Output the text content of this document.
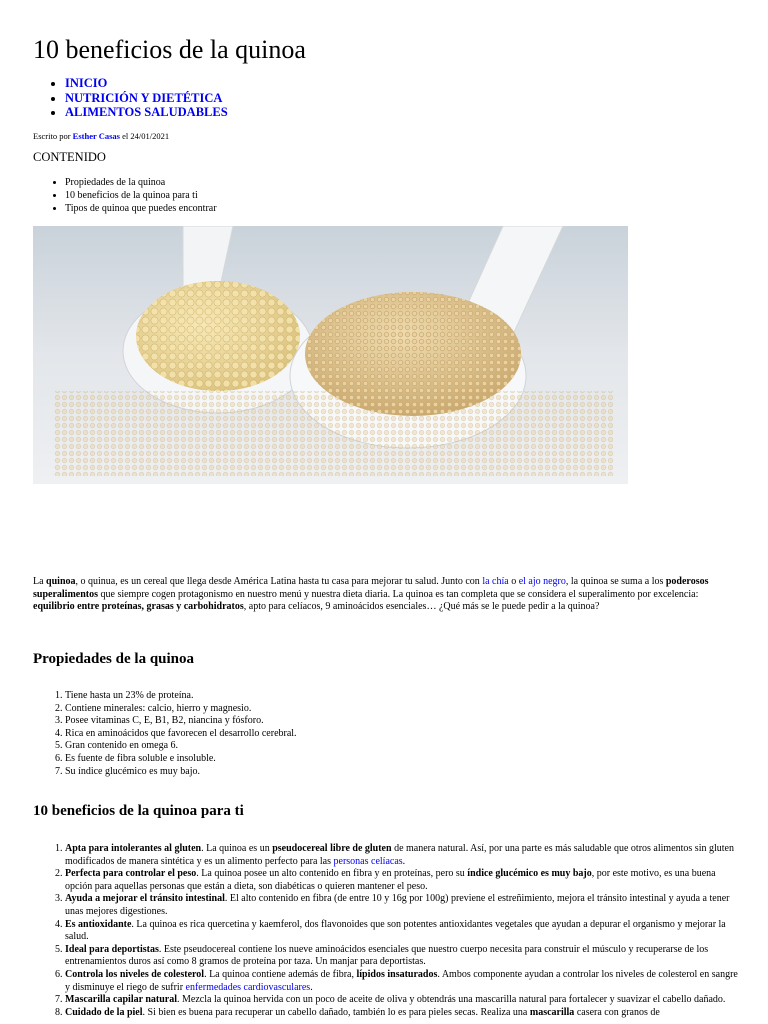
10 beneficios de la quinoa
• INICIO
• NUTRICIÓN Y DIETÉTICA
• ALIMENTOS SALUDABLES
Escrito por Esther Casas el 24/01/2021
CONTENIDO
• Propiedades de la quinoa
• 10 beneficios de la quinoa para ti
• Tipos de quinoa que puedes encontrar

La quinoa, o quinua, es un cereal que llega desde América Latina hasta tu casa para mejorar tu salud. Junto con la chía o el ajo negro, la quinoa se suma a los poderosos superalimentos que siempre cogen protagonismo en nuestro menú y nuestra dieta diaria. La quinoa es tan completa que se considera el superalimento por excelencia: equilibrio entre proteínas, grasas y carbohidratos, apto para celíacos, 9 aminoácidos esenciales… ¿Qué más se le puede pedir a la quinoa?

Propiedades de la quinoa
1. Tiene hasta un 23% de proteína.
2. Contiene minerales: calcio, hierro y magnesio.
3. Posee vitaminas C, E, B1, B2, niancina y fósforo.
4. Rica en aminoácidos que favorecen el desarrollo cerebral.
5. Gran contenido en omega 6.
6. Es fuente de fibra soluble e insoluble.
7. Su índice glucémico es muy bajo.
10 beneficios de la quinoa para ti
1. Apta para intolerantes al gluten. La quinoa es un pseudocereal libre de gluten de manera natural. Así, por una parte es más saludable que otros alimentos sin gluten modificados de manera sintética y es un alimento perfecto para las personas celíacas.
2. Perfecta para controlar el peso. La quinoa posee un alto contenido en fibra y en proteínas, pero su índice glucémico es muy bajo, por este motivo, es una buena opción para aquellas personas que están a dieta, son diabéticas o quieren mantener el peso.
3. Ayuda a mejorar el tránsito intestinal. El alto contenido en fibra (de entre 10 y 16g por 100g) previene el estreñimiento, mejora el tránsito intestinal y ayuda a tener unas mejores digestiones.
4. Es antioxidante. La quinoa es rica quercetina y kaemferol, dos flavonoides que son potentes antioxidantes vegetales que ayudan a depurar el organismo y mejorar la salud.
5. Ideal para deportistas. Este pseudocereal contiene los nueve aminoácidos esenciales que nuestro cuerpo necesita para construir el músculo y recuperarse de los entrenamientos duros así como 8 gramos de proteína por taza. Un manjar para deportistas.
6. Controla los niveles de colesterol. La quinoa contiene además de fibra, lípidos insaturados. Ambos componente ayudan a controlar los niveles de colesterol en sangre y disminuye el riego de sufrir enfermedades cardiovasculares.
7. Mascarilla capilar natural. Mezcla la quinoa hervida con un poco de aceite de oliva y obtendrás una mascarilla natural para fortalecer y suavizar el cabello dañado.
8. Cuidado de la piel. Si bien es buena para recuperar un cabello dañado, también lo es para pieles secas. Realiza una mascarilla casera con granos de
